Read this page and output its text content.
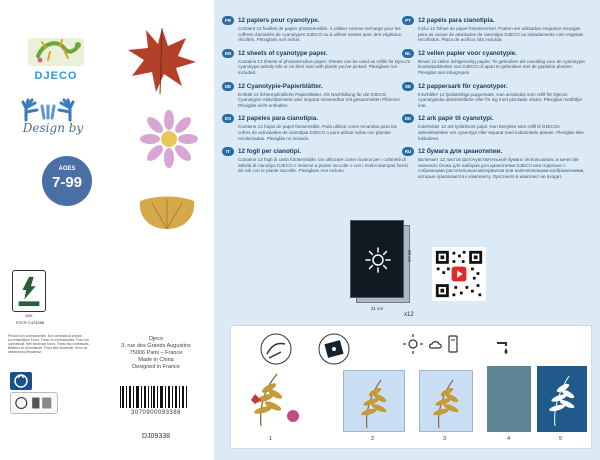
DJECO
Design by
AGES
7-99
MIX
FSC® C474088
Photos non contractuelles. Non contractual photos. Unverbindliche Fotos. Fotos no contractuales. Foto non contrattuali. Niet bindende foto's. Fotos não contratuais. Bilderna är ej bindande. Fotos ikke bindende. Фото не являются контрактом.
Djeco
3, rue des Grands Augustins
75006 Paris – France
Made in China
Designed in France
3070900093386
DJ09338
FR	12 papiers pour cyanotype.
Contient 12 feuilles de papier photosensible. À utiliser comme recharge pour les coffrets d'activités de cyanotypes DJECO ou à utiliser seules avec des végétaux récoltés. Plexiglass non inclus.
EN	12 sheets of cyanotype paper.
Contains 12 sheets of photosensitive paper. Sheets can be used as refills for Djeco's cyanotype activity kits or on their own with plants you've picked. Plexiglass not included.
DE	12 Cyanotypie-Papierblätter.
Enthält 12 lichtempfindliche Papierblätter. Als Nachfüllung für die DJECO Cyanotypie-Aktivitätensets oder separat verwendbar mit gesammelten Pflanzen. Plexiglas nicht enthalten.
ES	12 papeles para cianotipia.
Contiene 12 hojas de papel fotosensible. Para utilizar como recambio para los cofres de actividades de cianotipia DJECO o para utilizar solas con plantas recolectadas. Plexiglás no incluido.
IT	12 fogli per cianotipi.
Contiene 12 fogli di carta fotosensibile. Da utilizzare come ricarica per i cofanetti di attività di cianotipo DJECO o insieme a piante raccolte o con i motivi stampati forniti da soli con le piante raccolte. Plexiglass non incluso.
PT	12 papéis para cianotipia.
Inclui 12 folhas de papel fotossensível. Podem ser utilizadas enquanto recargas para as caixas de atividades de cianotipia DJECO ou isoladamente com vegetais recolhidos. Placa de acrílico não incluída.
NL	12 vellen papier voor cyanotypie.
Bevat 12 vellen lichtgevoelig papier. Te gebruiken als navulling voor de cyanotypie knutselpakketten van DJECO of apart te gebruiken met de geplukte planten. Plexiglas niet inbegrepen.
SE	12 pappersark för cyanotyper.
Innehåller 12 ljuskänsliga pappersark. Kan användas som refill för Djecos cyanotypiska aktivitetslådor eller för sig med plockade växter. Plexiglas medföljer inte.
DK	12 ark papir til cyanotypi.
Indeholder 12 ark lysfølsomt papir. Kan benyttes som refill til DJECOs aktivitetsæsker om cyanotypi eller separat med indsamlede planter. Plexiglas ikke inkluderet.
RU	12 бумага для цианотипии.
Включает 12 листов фоточувствительной бумаги. Использовать в качестве сменного блока для наборов для цианотипии DJECO или отдельно с собранными растительным материалом или напечатанными изображениями, которые прилагаются к комплекту. Оргстекло в комплект не входит.
21 cm
28 cm
x12
1	2	3	4	5
